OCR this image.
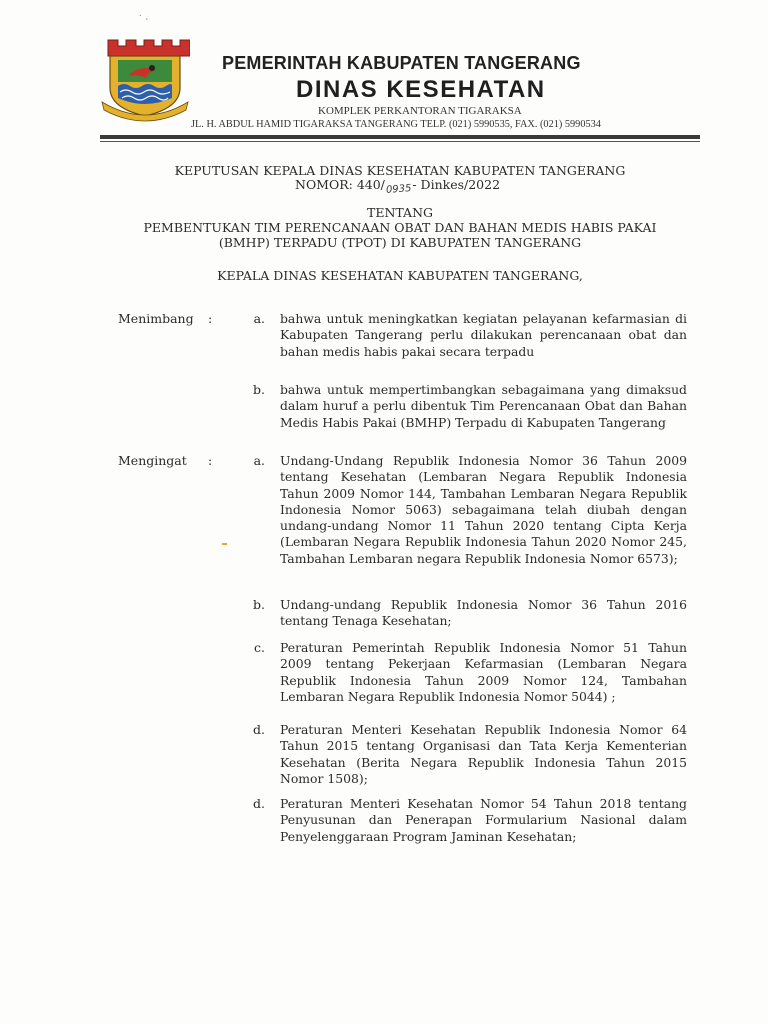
˙ ·
PEMERINTAH KABUPATEN TANGERANG
DINAS KESEHATAN
KOMPLEK PERKANTORAN TIGARAKSA
JL. H. ABDUL HAMID TIGARAKSA TANGERANG TELP. (021) 5990535, FAX. (021) 5990534
KEPUTUSAN KEPALA DINAS KESEHATAN KABUPATEN TANGERANG
NOMOR: 440/0935- Dinkes/2022
TENTANG
PEMBENTUKAN TIM PERENCANAAN OBAT DAN BAHAN MEDIS HABIS PAKAI
(BMHP) TERPADU (TPOT) DI KABUPATEN TANGERANG
KEPALA DINAS KESEHATAN KABUPATEN TANGERANG,
Menimbang :	a. bahwa untuk meningkatkan kegiatan pelayanan kefarmasian di Kabupaten Tangerang perlu dilakukan perencanaan obat dan bahan medis habis pakai secara terpadu
b. bahwa untuk mempertimbangkan sebagaimana yang dimaksud dalam huruf a perlu dibentuk Tim Perencanaan Obat dan Bahan Medis Habis Pakai (BMHP) Terpadu di Kabupaten Tangerang
Mengingat :	a. Undang-Undang Republik Indonesia Nomor 36 Tahun 2009 tentang Kesehatan (Lembaran Negara Republik Indonesia Tahun 2009 Nomor 144, Tambahan Lembaran Negara Republik Indonesia Nomor 5063) sebagaimana telah diubah dengan undang-undang Nomor 11 Tahun 2020 tentang Cipta Kerja (Lembaran Negara Republik Indonesia Tahun 2020 Nomor 245, Tambahan Lembaran negara Republik Indonesia Nomor 6573);
b. Undang-undang Republik Indonesia Nomor 36 Tahun 2016 tentang Tenaga Kesehatan;
c. Peraturan Pemerintah Republik Indonesia Nomor 51 Tahun 2009 tentang Pekerjaan Kefarmasian (Lembaran Negara Republik Indonesia Tahun 2009 Nomor 124, Tambahan Lembaran Negara Republik Indonesia Nomor 5044) ;
d. Peraturan Menteri Kesehatan Republik Indonesia Nomor 64 Tahun 2015 tentang Organisasi dan Tata Kerja Kementerian Kesehatan (Berita Negara Republik Indonesia Tahun 2015 Nomor 1508);
d. Peraturan Menteri Kesehatan Nomor 54 Tahun 2018 tentang Penyusunan dan Penerapan Formularium Nasional dalam Penyelenggaraan Program Jaminan Kesehatan;
